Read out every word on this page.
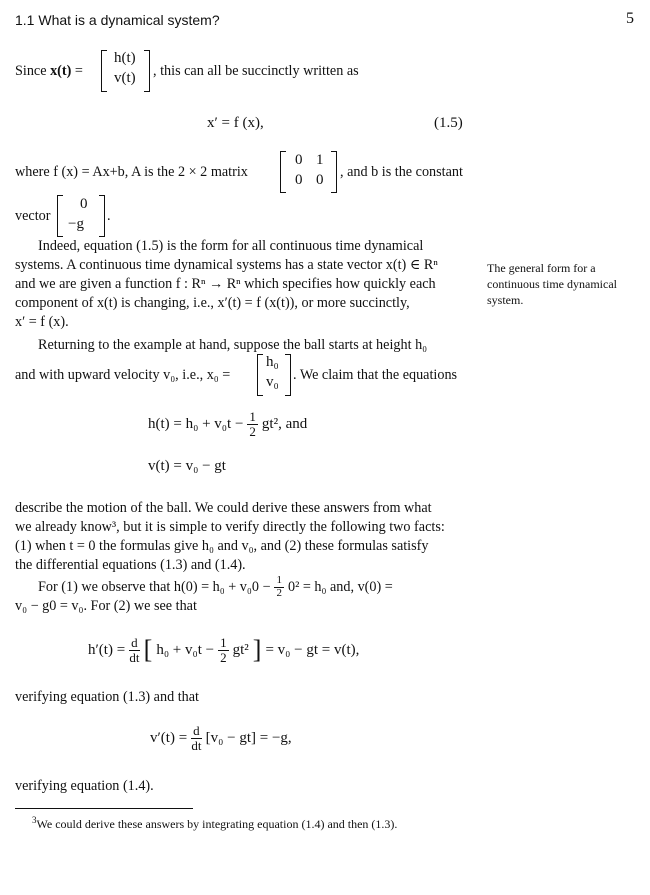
1.1 What is a dynamical system?	5
Since x(t) =
h(t)
v(t) , this can all be succinctly written as
x′ = f (x),	(1.5)
where f (x) = Ax+b, A is the 2 × 2 matrix
0 1
0 0 , and b is the constant
vector
0
−g .
Indeed, equation (1.5) is the form for all continuous time dynamical
systems. A continuous time dynamical systems has a state vector x(t) ∈ Rⁿ
and we are given a function f : Rⁿ → Rⁿ which specifies how quickly each
component of x(t) is changing, i.e., x′(t) = f (x(t)), or more succinctly,
x′ = f (x).
The general form for a
continuous time dynamical
system.
Returning to the example at hand, suppose the ball starts at height h₀
and with upward velocity v₀, i.e., x₀ =
h₀
v₀ . We claim that the equations
$h(t) = h_0 + v_0t - \frac{1}{2} gt^2$, and
v(t) = v₀ − gt
describe the motion of the ball. We could derive these answers from what
we already know³, but it is simple to verify directly the following two facts:
(1) when t = 0 the formulas give h₀ and v₀, and (2) these formulas satisfy
the differential equations (1.3) and (1.4).
For (1) we observe that $h(0) = h_0 + v_00 - \frac{1}{2} 0^2 = h_0$ and, v(0) =
v₀ − g0 = v₀. For (2) we see that
$h'(t) = \frac{d}{dt}$ [ $h_0 + v_0t - \frac{1}{2} gt^2$ ] = v₀ − gt = v(t),
verifying equation (1.3) and that
$v'(t) = \frac{d}{dt} [v_0 - gt] = -g$,
verifying equation (1.4).
$^3$We could derive these answers by integrating equation (1.4) and then (1.3).
